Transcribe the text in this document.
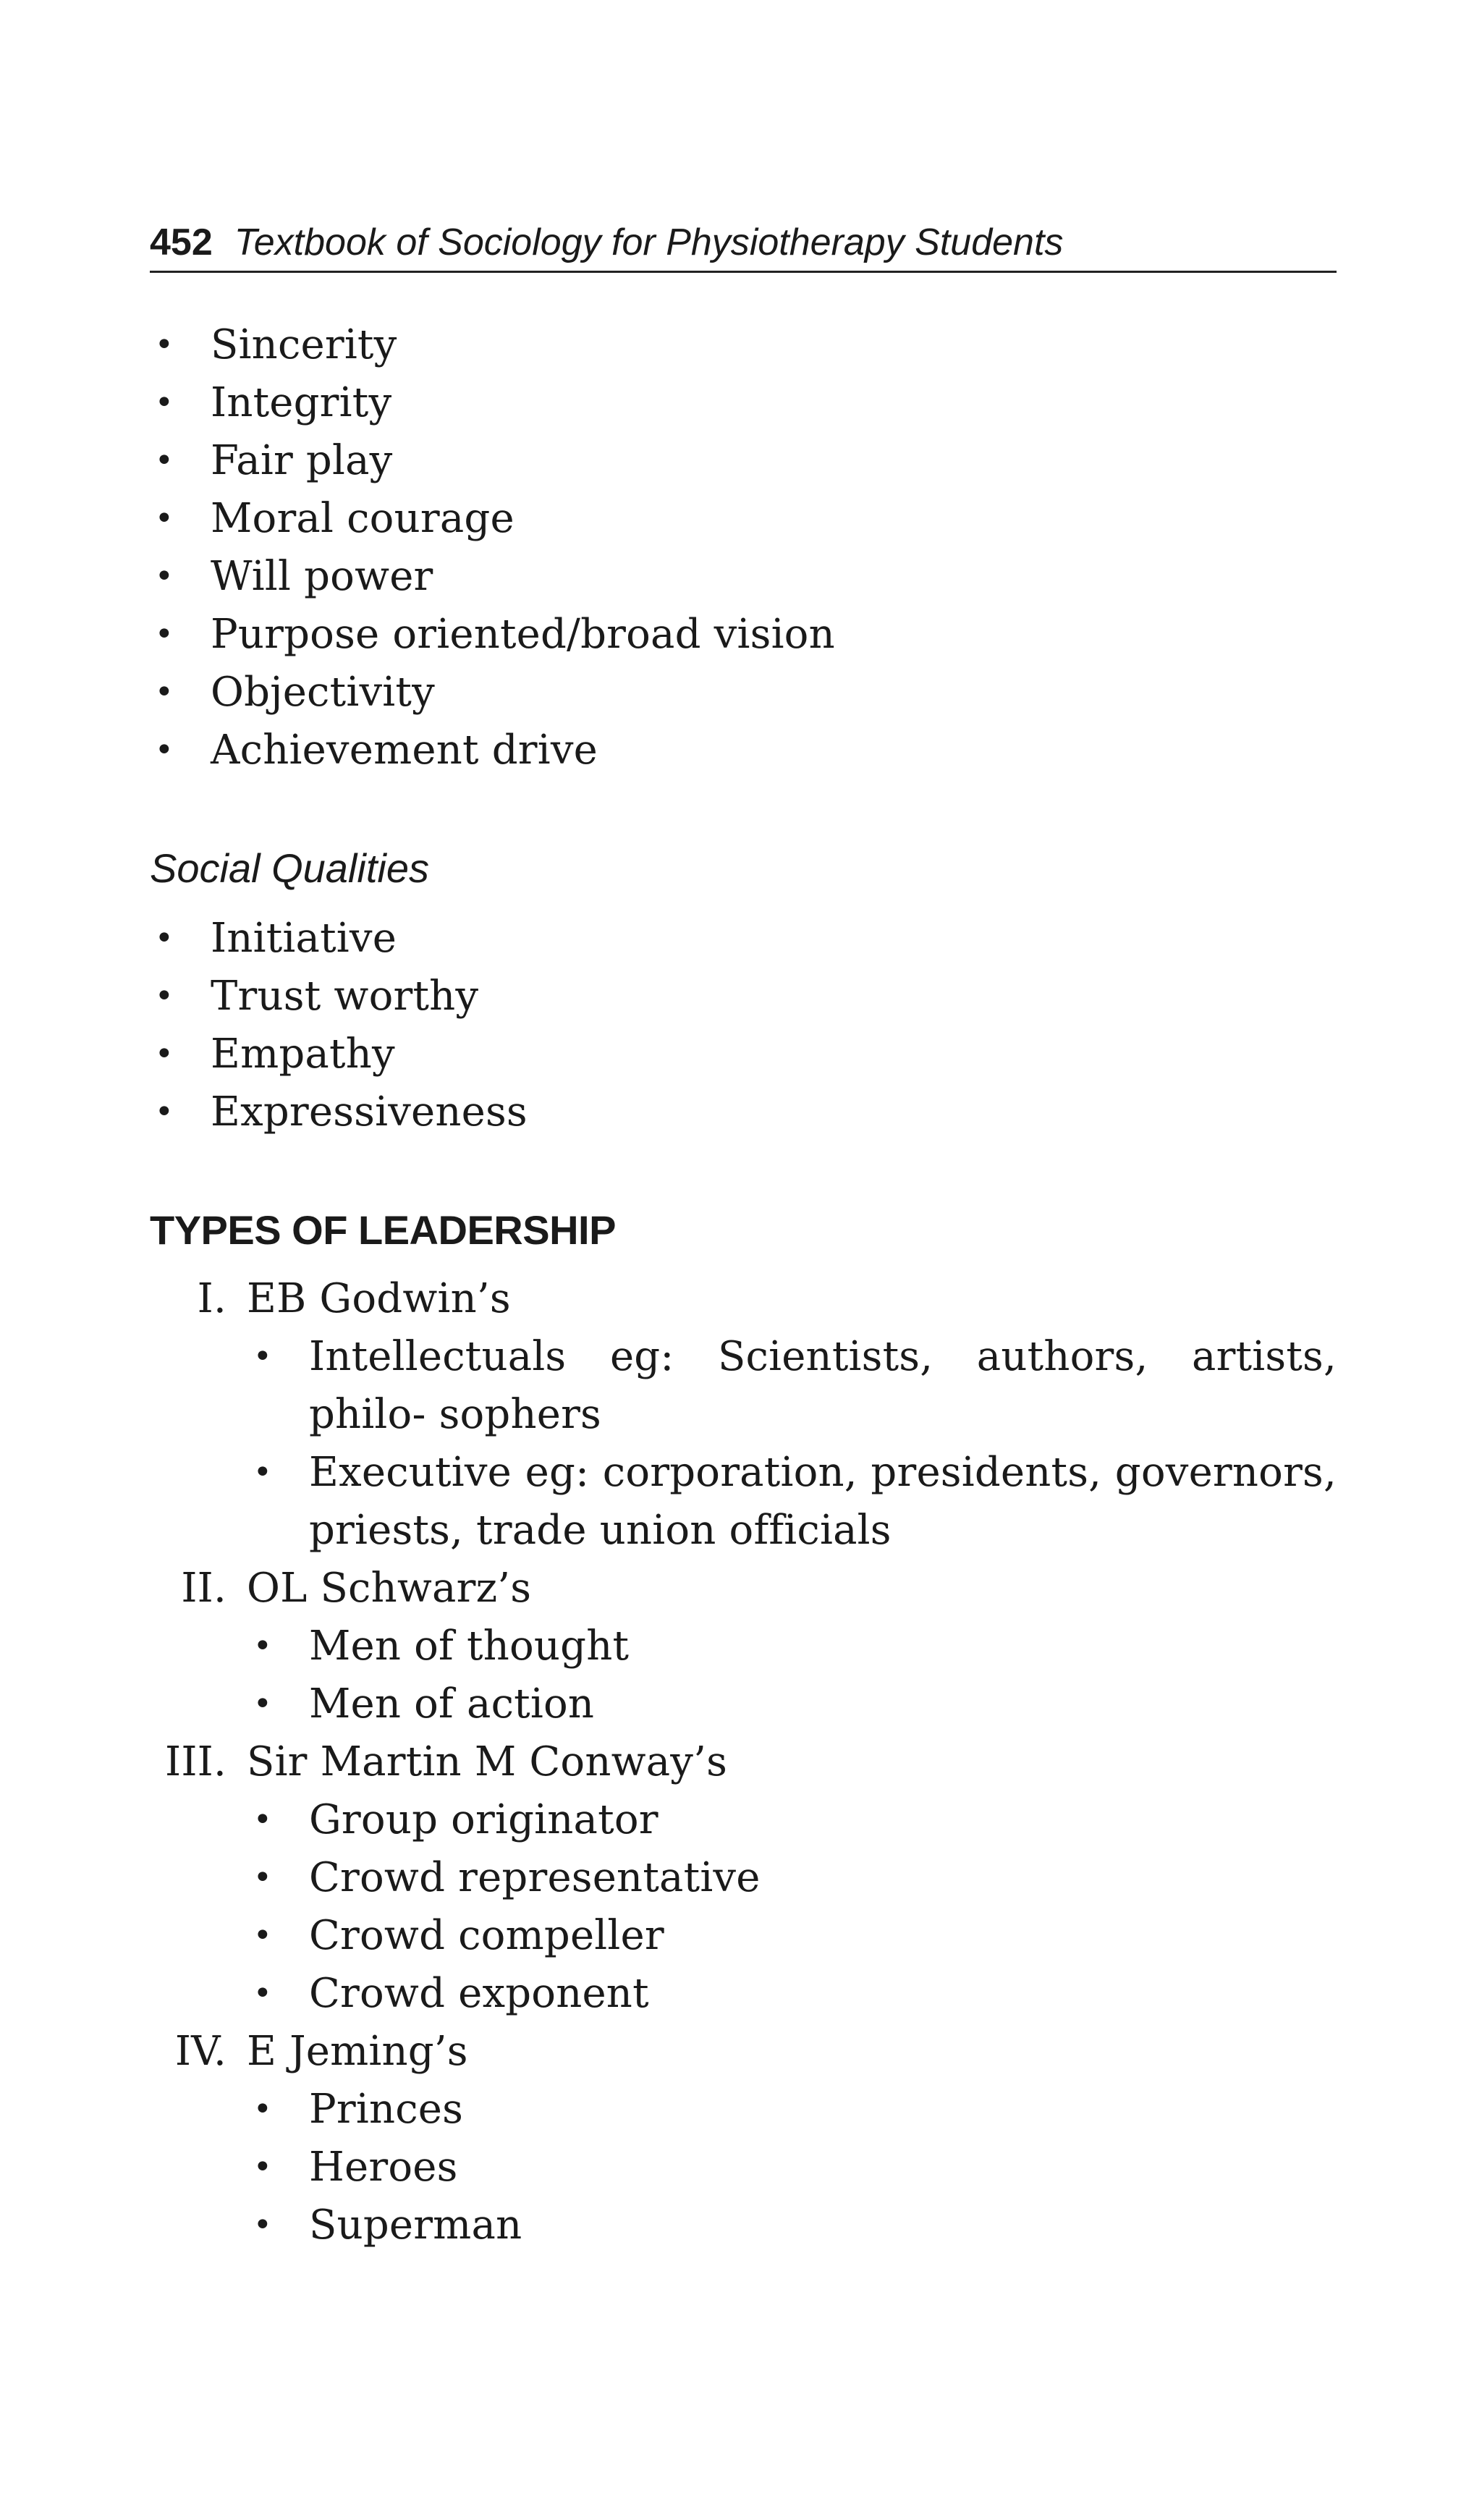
452 Textbook of Sociology for Physiotherapy Students
• Sincerity
• Integrity
• Fair play
• Moral courage
• Will power
• Purpose oriented/broad vision
• Objectivity
• Achievement drive
Social Qualities
• Initiative
• Trust worthy
• Empathy
• Expressiveness
TYPES OF LEADERSHIP
I. EB Godwin’s
• Intellectuals eg: Scientists, authors, artists, philo- sophers
• Executive eg: corporation, presidents, governors, priests, trade union officials
II. OL Schwarz’s
• Men of thought
• Men of action
III. Sir Martin M Conway’s
• Group originator
• Crowd representative
• Crowd compeller
• Crowd exponent
IV. E Jeming’s
• Princes
• Heroes
• Superman
